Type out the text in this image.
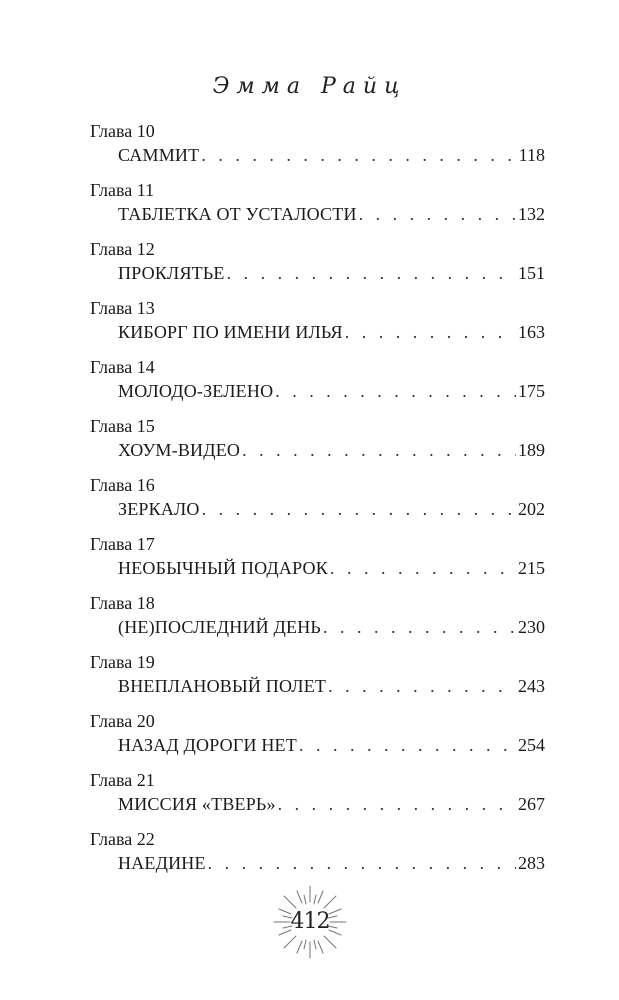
Эмма Райц
Глава 10
САММИТ . . .	118
Глава 11
ТАБЛЕТКА ОТ УСТАЛОСТИ . . .	132
Глава 12
ПРОКЛЯТЬЕ . . .	151
Глава 13
КИБОРГ ПО ИМЕНИ ИЛЬЯ . . .	163
Глава 14
МОЛОДО-ЗЕЛЕНО . . .	175
Глава 15
ХОУМ-ВИДЕО . . .	189
Глава 16
ЗЕРКАЛО . . .	202
Глава 17
НЕОБЫЧНЫЙ ПОДАРОК . . .	215
Глава 18
(НЕ)ПОСЛЕДНИЙ ДЕНЬ . . .	230
Глава 19
ВНЕПЛАНОВЫЙ ПОЛЕТ . . .	243
Глава 20
НАЗАД ДОРОГИ НЕТ . . .	254
Глава 21
МИССИЯ «ТВЕРЬ» . . .	267
Глава 22
НАЕДИНЕ . . .	283
412
